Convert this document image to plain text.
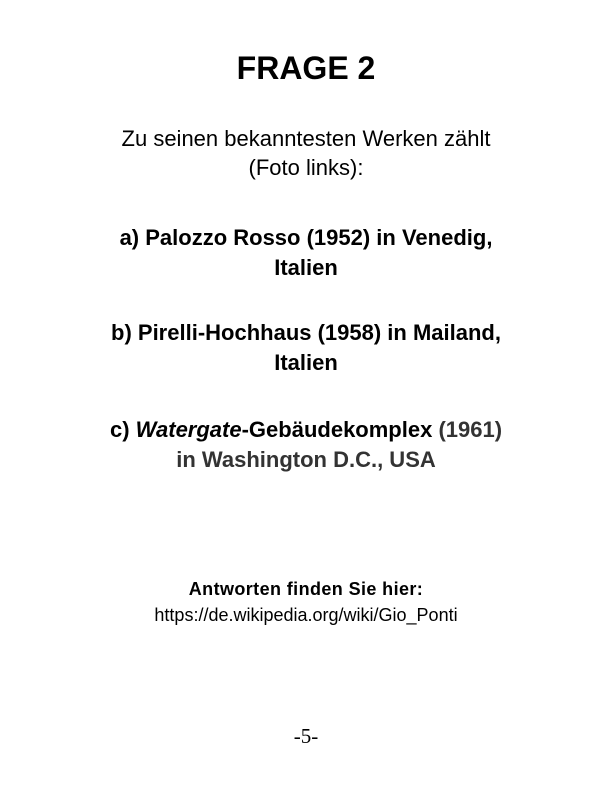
FRAGE 2

Zu seinen bekanntesten Werken zählt
(Foto links):

a) Palozzo Rosso (1952) in Venedig,
Italien

b) Pirelli-Hochhaus (1958) in Mailand,
Italien

c) Watergate-Gebäudekomplex (1961)
in Washington D.C., USA

Antworten finden Sie hier:

https://de.wikipedia.org/wiki/Gio_Ponti

-5-
